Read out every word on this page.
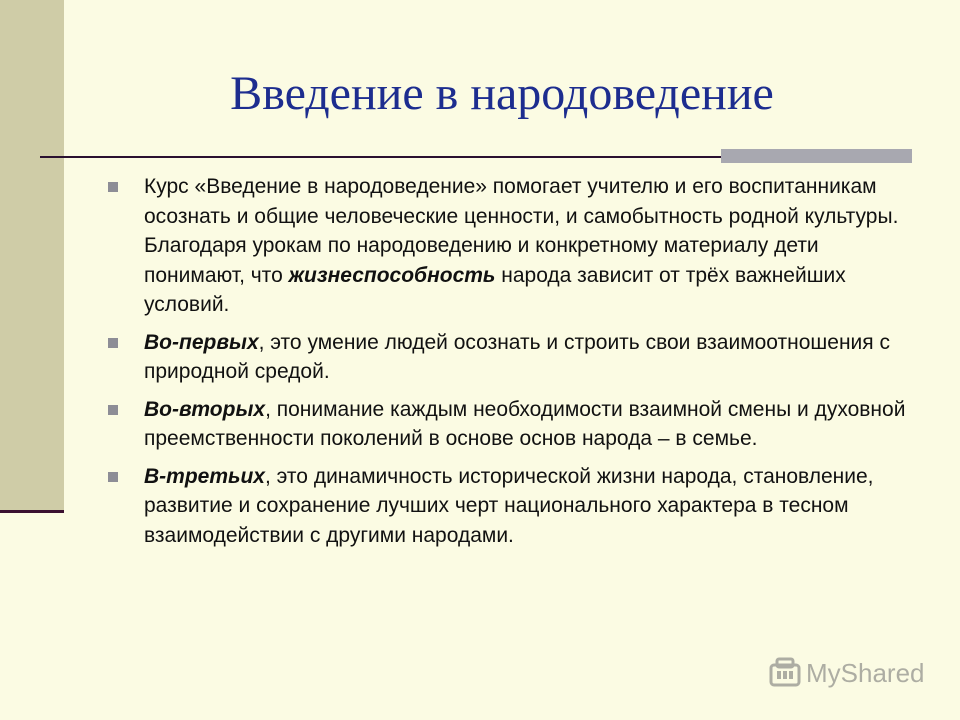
Введение в народоведение
Курс «Введение в народоведение» помогает учителю и его воспитанникам осознать и общие человеческие ценности, и самобытность родной культуры. Благодаря урокам по народоведению и конкретному материалу дети понимают, что жизнеспособность народа зависит от трёх важнейших условий.
Во-первых, это умение людей осознать и строить свои взаимоотношения с природной средой.
Во-вторых, понимание каждым необходимости взаимной смены и духовной преемственности поколений в основе основ народа – в семье.
В-третьих, это динамичность исторической жизни народа, становление, развитие и сохранение лучших черт национального характера в тесном взаимодействии с другими народами.
MyShared
